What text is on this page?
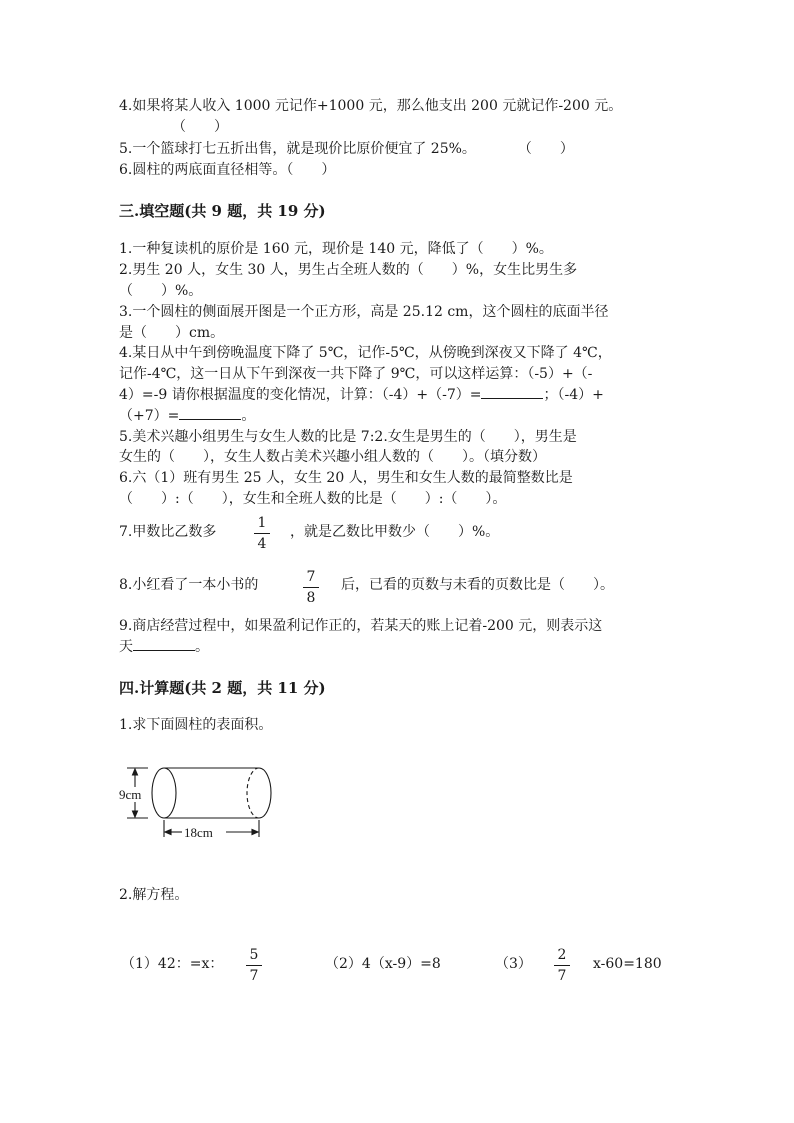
4.如果将某人收入 1000 元记作+1000 元，那么他支出 200 元就记作-200 元。
（　　）
5.一个篮球打七五折出售，就是现价比原价便宜了 25%。　　　　（　　）
6.圆柱的两底面直径相等。（　　）
三.填空题(共 9 题，共 19 分)
1.一种复读机的原价是 160 元，现价是 140 元，降低了（　　）%。
2.男生 20 人，女生 30 人，男生占全班人数的（　　）%，女生比男生多
（　　）%。
3.一个圆柱的侧面展开图是一个正方形，高是 25.12 cm，这个圆柱的底面半径
是（　　）cm。
4.某日从中午到傍晚温度下降了 5℃，记作-5℃，从傍晚到深夜又下降了 4℃，
记作-4℃，这一日从下午到深夜一共下降了 9℃，可以这样运算：（-5）+（-
4）=-9 请你根据温度的变化情况，计算：（-4）+（-7）=	；（-4）+
（+7）=	。
5.美术兴趣小组男生与女生人数的比是 7:2.女生是男生的（　　），男生是
女生的（　　），女生人数占美术兴趣小组人数的（　　）。（填分数）
6.六（1）班有男生 25 人，女生 20 人，男生和女生人数的最简整数比是
（　　）:（　　），女生和全班人数的比是（　　）:（　　）。
7.甲数比乙数多
1
4
，就是乙数比甲数少（　　）%。
8.小红看了一本小书的	7
8
后，已看的页数与未看的页数比是（　　）。
9.商店经营过程中，如果盈利记作正的，若某天的账上记着-200 元，则表示这
天	。
四.计算题(共 2 题，共 11 分)
1.求下面圆柱的表面积。
9cm
18cm
2.解方程。
（1）42：=x：
5
7
（2）4（x-9）=8	（3）
2
7
x-60=180
